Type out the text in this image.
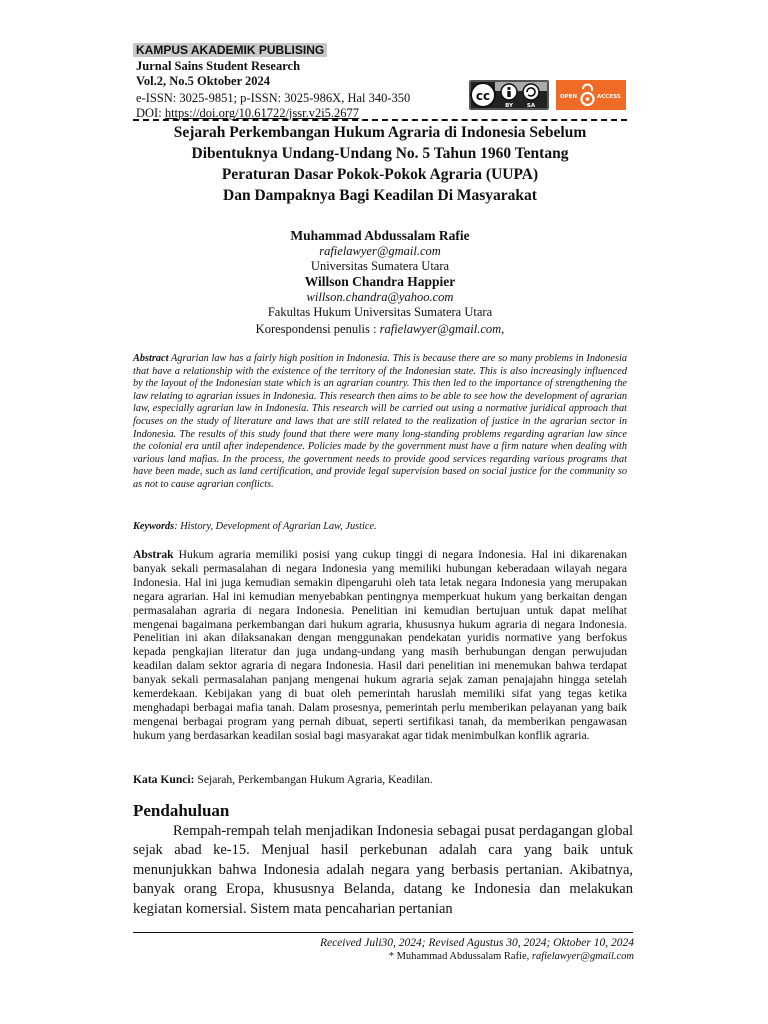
KAMPUS AKADEMIK PUBLISING
Jurnal Sains Student Research
Vol.2, No.5 Oktober 2024
e-ISSN: 3025-9851; p-ISSN: 3025-986X, Hal 340-350
DOI: https://doi.org/10.61722/jssr.v2i5.2677
cc
BY	SA
OPEN	ACCESS
Sejarah Perkembangan Hukum Agraria di Indonesia Sebelum
Dibentuknya Undang-Undang No. 5 Tahun 1960 Tentang
Peraturan Dasar Pokok-Pokok Agraria (UUPA)
Dan Dampaknya Bagi Keadilan Di Masyarakat
Muhammad Abdussalam Rafie
rafielawyer@gmail.com
Universitas Sumatera Utara
Willson Chandra Happier
willson.chandra@yahoo.com
Fakultas Hukum Universitas Sumatera Utara
Korespondensi penulis : rafielawyer@gmail.com,
Abstract Agrarian law has a fairly high position in Indonesia. This is because there are so many problems in Indonesia that have a relationship with the existence of the territory of the Indonesian state. This is also increasingly influenced by the layout of the Indonesian state which is an agrarian country. This then led to the importance of strengthening the law relating to agrarian issues in Indonesia. This research then aims to be able to see how the development of agrarian law, especially agrarian law in Indonesia. This research will be carried out using a normative juridical approach that focuses on the study of literature and laws that are still related to the realization of justice in the agrarian sector in Indonesia. The results of this study found that there were many long-standing problems regarding agrarian law since the colonial era until after independence. Policies made by the government must have a firm nature when dealing with various land mafias. In the process, the government needs to provide good services regarding various programs that have been made, such as land certification, and provide legal supervision based on social justice for the community so as not to cause agrarian conflicts.
Keywords: History, Development of Agrarian Law, Justice.
Abstrak Hukum agraria memiliki posisi yang cukup tinggi di negara Indonesia. Hal ini dikarenakan banyak sekali permasalahan di negara Indonesia yang memiliki hubungan keberadaan wilayah negara Indonesia. Hal ini juga kemudian semakin dipengaruhi oleh tata letak negara Indonesia yang merupakan negara agrarian. Hal ini kemudian menyebabkan pentingnya memperkuat hukum yang berkaitan dengan permasalahan agraria di negara Indonesia. Penelitian ini kemudian bertujuan untuk dapat melihat mengenai bagaimana perkembangan dari hukum agraria, khususnya hukum agraria di negara Indonesia. Penelitian ini akan dilaksanakan dengan menggunakan pendekatan yuridis normative yang berfokus kepada pengkajian literatur dan juga undang-undang yang masih berhubungan dengan perwujudan keadilan dalam sektor agraria di negara Indonesia. Hasil dari penelitian ini menemukan bahwa terdapat banyak sekali permasalahan panjang mengenai hukum agraria sejak zaman penajajahn hingga setelah kemerdekaan. Kebijakan yang di buat oleh pemerintah haruslah memiliki sifat yang tegas ketika menghadapi berbagai mafia tanah. Dalam prosesnya, pemerintah perlu memberikan pelayanan yang baik mengenai berbagai program yang pernah dibuat, seperti sertifikasi tanah, da memberikan pengawasan hukum yang berdasarkan keadilan sosial bagi masyarakat agar tidak menimbulkan konflik agraria.
Kata Kunci: Sejarah, Perkembangan Hukum Agraria, Keadilan.
Pendahuluan
Rempah-rempah telah menjadikan Indonesia sebagai pusat perdagangan global sejak abad ke-15. Menjual hasil perkebunan adalah cara yang baik untuk menunjukkan bahwa Indonesia adalah negara yang berbasis pertanian. Akibatnya, banyak orang Eropa, khususnya Belanda, datang ke Indonesia dan melakukan kegiatan komersial. Sistem mata pencaharian pertanian
Received Juli30, 2024; Revised Agustus 30, 2024; Oktober 10, 2024
* Muhammad Abdussalam Rafie, rafielawyer@gmail.com
